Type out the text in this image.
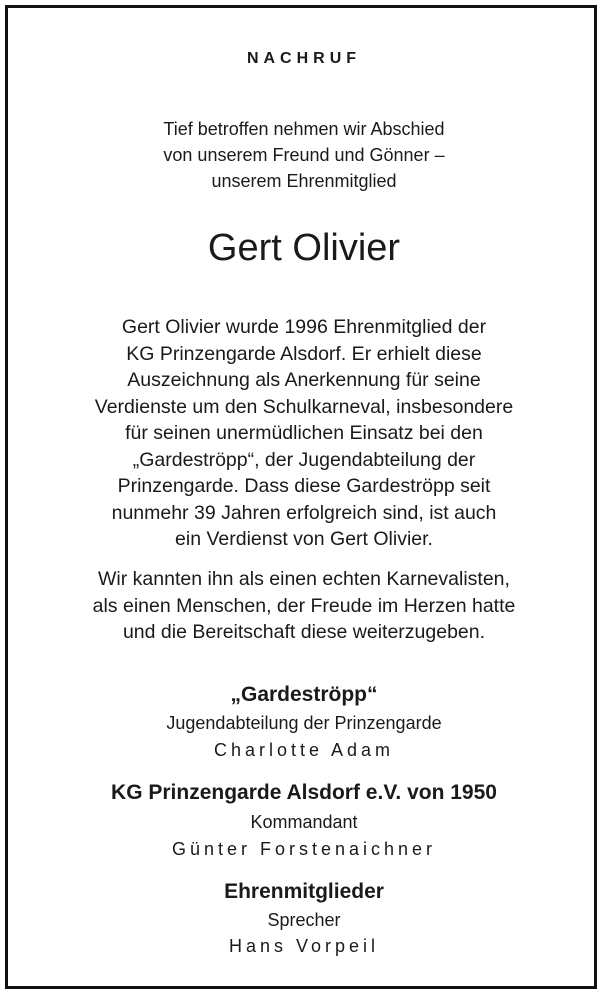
NACHRUF
Tief betroffen nehmen wir Abschied
von unserem Freund und Gönner –
unserem Ehrenmitglied
Gert Olivier
Gert Olivier wurde 1996 Ehrenmitglied der
KG Prinzengarde Alsdorf. Er erhielt diese
Auszeichnung als Anerkennung für seine
Verdienste um den Schulkarneval, insbesondere
für seinen unermüdlichen Einsatz bei den
„Gardeströpp“, der Jugendabteilung der
Prinzengarde. Dass diese Gardeströpp seit
nunmehr 39 Jahren erfolgreich sind, ist auch
ein Verdienst von Gert Olivier.
Wir kannten ihn als einen echten Karnevalisten,
als einen Menschen, der Freude im Herzen hatte
und die Bereitschaft diese weiterzugeben.
„Gardeströpp“
Jugendabteilung der Prinzengarde
Charlotte Adam
KG Prinzengarde Alsdorf e.V. von 1950
Kommandant
Günter Forstenaichner
Ehrenmitglieder
Sprecher
Hans Vorpeil
